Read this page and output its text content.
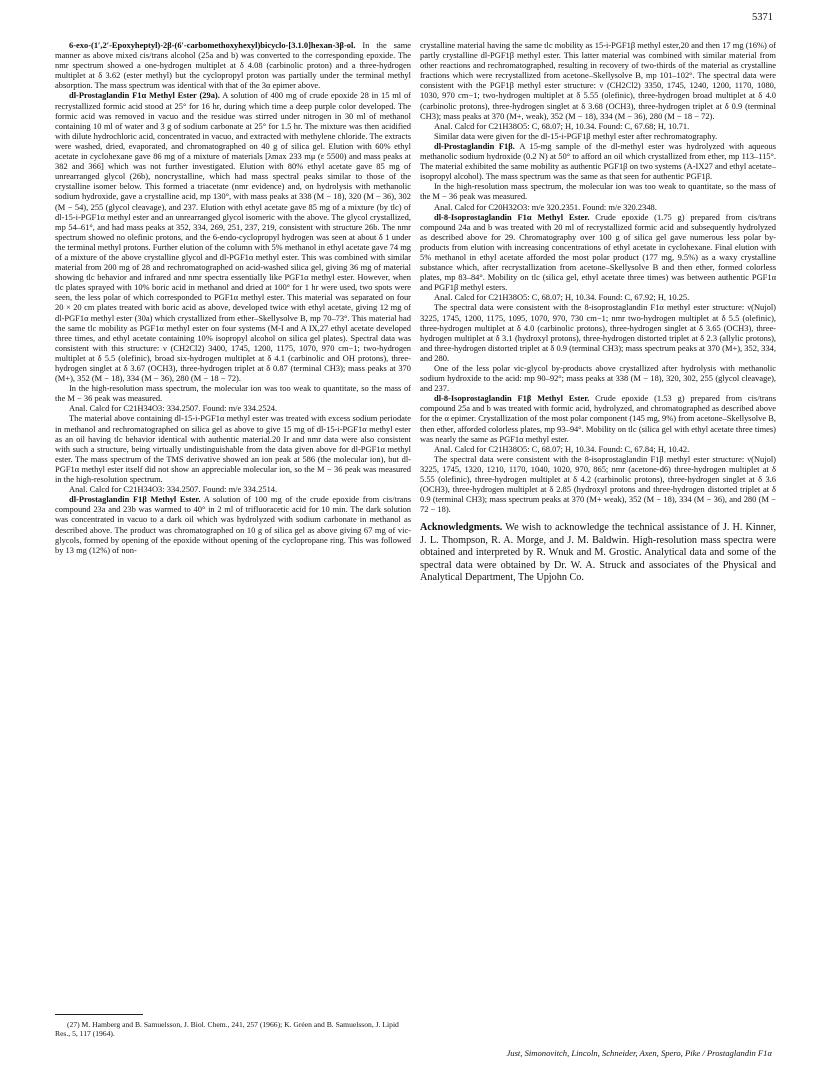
5371

6-exo-(1′,2′-Epoxyheptyl)-2β-(6′-carbomethoxyhexyl)bicyclo-[3.1.0]hexan-3β-ol. In the same manner as above mixed cis/trans alcohol (25a and b) was converted to the corresponding epoxide. The nmr spectrum showed a one-hydrogen multiplet at δ 4.08 (carbinolic proton) and a three-hydrogen multiplet at δ 3.62 (ester methyl) but the cyclopropyl proton was partially under the terminal methyl absorption. The mass spectrum was identical with that of the 3α epimer above.

dl-Prostaglandin F1α Methyl Ester (29a). A solution of 400 mg of crude epoxide 28 in 15 ml of recrystallized formic acid stood at 25° for 16 hr, during which time a deep purple color developed. The formic acid was removed in vacuo and the residue was stirred under nitrogen in 30 ml of methanol containing 10 ml of water and 3 g of sodium carbonate at 25° for 1.5 hr. The mixture was then acidified with dilute hydrochloric acid, concentrated in vacuo, and extracted with methylene chloride. The extracts were washed, dried, evaporated, and chromatographed on 40 g of silica gel. Elution with 60% ethyl acetate in cyclohexane gave 86 mg of a mixture of materials [λmax 233 mμ (ε 5500) and mass peaks at 382 and 366] which was not further investigated. Elution with 80% ethyl acetate gave 85 mg of unrearranged glycol (26b), noncrystalline, which had mass spectral peaks similar to those of the crystalline isomer below. This formed a triacetate (nmr evidence) and, on hydrolysis with methanolic sodium hydroxide, gave a crystalline acid, mp 130°, with mass peaks at 338 (M − 18), 320 (M − 36), 302 (M − 54), 255 (glycol cleavage), and 237. Elution with ethyl acetate gave 85 mg of a mixture (by tlc) of dl-15-i-PGF1α methyl ester and an unrearranged glycol isomeric with the above. The glycol crystallized, mp 54–61°, and had mass peaks at 352, 334, 269, 251, 237, 219, consistent with structure 26b. The nmr spectrum showed no olefinic protons, and the 6-endo-cyclopropyl hydrogen was seen at about δ 1 under the terminal methyl protons. Further elution of the column with 5% methanol in ethyl acetate gave 74 mg of a mixture of the above crystalline glycol and dl-PGF1α methyl ester. This was combined with similar material from 200 mg of 28 and rechromatographed on acid-washed silica gel, giving 36 mg of material showing tlc behavior and infrared and nmr spectra essentially like PGF1α methyl ester. However, when tlc plates sprayed with 10% boric acid in methanol and dried at 100° for 1 hr were used, two spots were seen, the less polar of which corresponded to PGF1α methyl ester. This material was separated on four 20 × 20 cm plates treated with boric acid as above, developed twice with ethyl acetate, giving 12 mg of dl-PGF1α methyl ester (30a) which crystallized from ether–Skellysolve B, mp 70–73°. This material had the same tlc mobility as PGF1α methyl ester on four systems (M-I and A IX,27 ethyl acetate developed three times, and ethyl acetate containing 10% isopropyl alcohol on silica gel plates). Spectral data was consistent with this structure: ν (CH2Cl2) 3400, 1745, 1200, 1175, 1070, 970 cm−1; two-hydrogen multiplet at δ 5.5 (olefinic), broad six-hydrogen multiplet at δ 4.1 (carbinolic and OH protons), three-hydrogen singlet at δ 3.67 (OCH3), three-hydrogen triplet at δ 0.87 (terminal CH3); mass peaks at 370 (M+), 352 (M − 18), 334 (M − 36), 280 (M − 18 − 72).

In the high-resolution mass spectrum, the molecular ion was too weak to quantitate, so the mass of the M − 36 peak was measured.

Anal. Calcd for C21H34O3: 334.2507. Found: m/e 334.2524.

The material above containing dl-15-i-PGF1α methyl ester was treated with excess sodium periodate in methanol and rechromatographed on silica gel as above to give 15 mg of dl-15-i-PGF1α methyl ester as an oil having tlc behavior identical with authentic material.20 Ir and nmr data were also consistent with such a structure, being virtually undistinguishable from the data given above for dl-PGF1α methyl ester. The mass spectrum of the TMS derivative showed an ion peak at 586 (the molecular ion), but dl-PGF1α methyl ester itself did not show an appreciable molecular ion, so the M − 36 peak was measured in the high-resolution spectrum.

Anal. Calcd for C21H34O3: 334.2507. Found: m/e 334.2514.

dl-Prostaglandin F1β Methyl Ester. A solution of 100 mg of the crude epoxide from cis/trans compound 23a and 23b was warmed to 40° in 2 ml of trifluoracetic acid for 10 min. The dark solution was concentrated in vacuo to a dark oil which was hydrolyzed with sodium carbonate in methanol as described above. The product was chromatographed on 10 g of silica gel as above giving 67 mg of vic-glycols, formed by opening of the epoxide without opening of the cyclopropane ring. This was followed by 13 mg (12%) of non-

crystalline material having the same tlc mobility as 15-i-PGF1β methyl ester,20 and then 17 mg (16%) of partly crystalline dl-PGF1β methyl ester. This latter material was combined with similar material from other reactions and rechromatographed, resulting in recovery of two-thirds of the material as crystalline fractions which were recrystallized from acetone–Skellysolve B, mp 101–102°. The spectral data were consistent with the PGF1β methyl ester structure: ν (CH2Cl2) 3350, 1745, 1240, 1200, 1170, 1080, 1030, 970 cm−1; two-hydrogen multiplet at δ 5.55 (olefinic), three-hydrogen broad multiplet at δ 4.0 (carbinolic protons), three-hydrogen singlet at δ 3.68 (OCH3), three-hydrogen triplet at δ 0.9 (terminal CH3); mass peaks at 370 (M+, weak), 352 (M − 18), 334 (M − 36), 280 (M − 18 − 72).

Anal. Calcd for C21H38O5: C, 68.07; H, 10.34. Found: C, 67.68; H, 10.71.

Similar data were given for the dl-15-i-PGF1β methyl ester after rechromatography.

dl-Prostaglandin F1β. A 15-mg sample of the dl-methyl ester was hydrolyzed with aqueous methanolic sodium hydroxide (0.2 N) at 50° to afford an oil which crystallized from ether, mp 113–115°. The material exhibited the same mobility as authentic PGF1β on two systems (A-IX27 and ethyl acetate–isopropyl alcohol). The mass spectrum was the same as that seen for authentic PGF1β.

In the high-resolution mass spectrum, the molecular ion was too weak to quantitate, so the mass of the M − 36 peak was measured.

Anal. Calcd for C20H32O3: m/e 320.2351. Found: m/e 320.2348.

dl-8-Isoprostaglandin F1α Methyl Ester. Crude epoxide (1.75 g) prepared from cis/trans compound 24a and b was treated with 20 ml of recrystallized formic acid and subsequently hydrolyzed as described above for 29. Chromatography over 100 g of silica gel gave numerous less polar by-products from elution with increasing concentrations of ethyl acetate in cyclohexane. Final elution with 5% methanol in ethyl acetate afforded the most polar product (177 mg, 9.5%) as a waxy crystalline substance which, after recrystallization from acetone–Skellysolve B and then ether, formed colorless plates, mp 83–84°. Mobility on tlc (silica gel, ethyl acetate three times) was between authentic PGF1α and PGF1β methyl esters.

Anal. Calcd for C21H38O5: C, 68.07; H, 10.34. Found: C, 67.92; H, 10.25.

The spectral data were consistent with the 8-isoprostaglandin F1α methyl ester structure: ν(Nujol) 3225, 1745, 1200, 1175, 1095, 1070, 970, 730 cm−1; nmr two-hydrogen multiplet at δ 5.5 (olefinic), three-hydrogen multiplet at δ 4.0 (carbinolic protons), three-hydrogen singlet at δ 3.65 (OCH3), three-hydrogen multiplet at δ 3.1 (hydroxyl protons), three-hydrogen distorted triplet at δ 2.3 (allylic protons), and three-hydrogen distorted triplet at δ 0.9 (terminal CH3); mass spectrum peaks at 370 (M+), 352, 334, and 280.

One of the less polar vic-glycol by-products above crystallized after hydrolysis with methanolic sodium hydroxide to the acid: mp 90–92°; mass peaks at 338 (M − 18), 320, 302, 255 (glycol cleavage), and 237.

dl-8-Isoprostaglandin F1β Methyl Ester. Crude epoxide (1.53 g) prepared from cis/trans compound 25a and b was treated with formic acid, hydrolyzed, and chromatographed as described above for the α epimer. Crystallization of the most polar component (145 mg, 9%) from acetone–Skellysolve B, then ether, afforded colorless plates, mp 93–94°. Mobility on tlc (silica gel with ethyl acetate three times) was nearly the same as PGF1α methyl ester.

Anal. Calcd for C21H38O5: C, 68.07; H, 10.34. Found: C, 67.84; H, 10.42.

The spectral data were consistent with the 8-isoprostaglandin F1β methyl ester structure: ν(Nujol) 3225, 1745, 1320, 1210, 1170, 1040, 1020, 970, 865; nmr (acetone-d6) three-hydrogen multiplet at δ 5.55 (olefinic), three-hydrogen multiplet at δ 4.2 (carbinolic protons), three-hydrogen singlet at δ 3.6 (OCH3), three-hydrogen multiplet at δ 2.85 (hydroxyl protons and three-hydrogen distorted triplet at δ 0.9 (terminal CH3); mass spectrum peaks at 370 (M+ weak), 352 (M − 18), 334 (M − 36), and 280 (M − 72 − 18).

Acknowledgments. We wish to acknowledge the technical assistance of J. H. Kinner, J. L. Thompson, R. A. Morge, and J. M. Baldwin. High-resolution mass spectra were obtained and interpreted by R. Wnuk and M. Grostic. Analytical data and some of the spectral data were obtained by Dr. W. A. Struck and associates of the Physical and Analytical Department, The Upjohn Co.

(27) M. Hamberg and B. Samuelsson, J. Biol. Chem., 241, 257 (1966); K. Gréen and B. Samuelsson, J. Lipid Res., 5, 117 (1964).

Just, Simonovitch, Lincoln, Schneider, Axen, Spero, Pike / Prostaglandin F1α
